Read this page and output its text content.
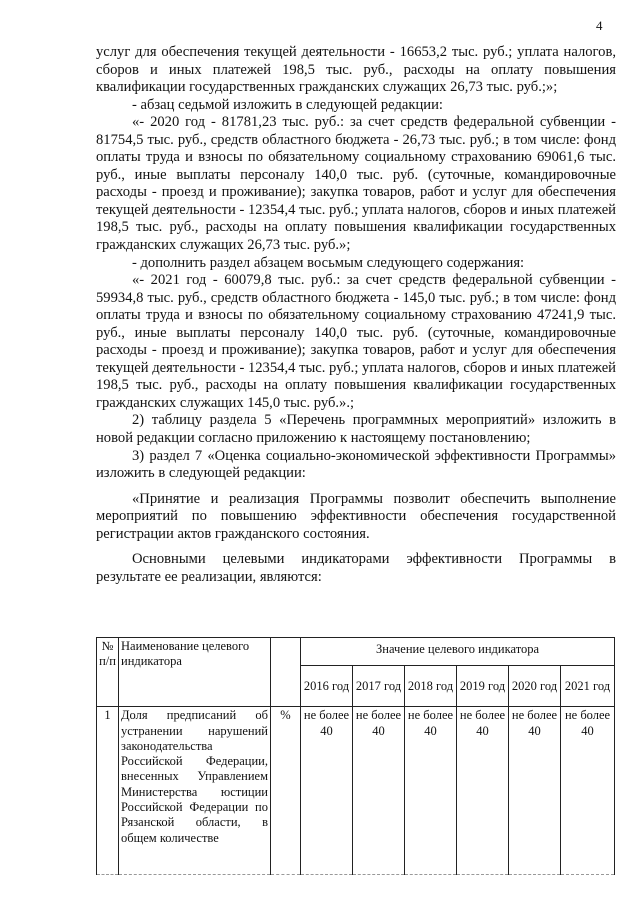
4

услуг для обеспечения текущей деятельности - 16653,2 тыс. руб.; уплата налогов, сборов и иных платежей 198,5 тыс. руб., расходы на оплату повышения квалификации государственных гражданских служащих 26,73 тыс. руб.;»;

- абзац седьмой изложить в следующей редакции:

«- 2020 год - 81781,23 тыс. руб.: за счет средств федеральной субвенции - 81754,5 тыс. руб., средств областного бюджета - 26,73 тыс. руб.; в том числе: фонд оплаты труда и взносы по обязательному социальному страхованию 69061,6 тыс. руб., иные выплаты персоналу 140,0 тыс. руб. (суточные, командировочные расходы - проезд и проживание); закупка товаров, работ и услуг для обеспечения текущей деятельности - 12354,4 тыс. руб.; уплата налогов, сборов и иных платежей 198,5 тыс. руб., расходы на оплату повышения квалификации государственных гражданских служащих 26,73 тыс. руб.»;

- дополнить раздел абзацем восьмым следующего содержания:

«- 2021 год - 60079,8 тыс. руб.: за счет средств федеральной субвенции - 59934,8 тыс. руб., средств областного бюджета - 145,0 тыс. руб.; в том числе: фонд оплаты труда и взносы по обязательному социальному страхованию 47241,9 тыс. руб., иные выплаты персоналу 140,0 тыс. руб. (суточные, командировочные расходы - проезд и проживание); закупка товаров, работ и услуг для обеспечения текущей деятельности - 12354,4 тыс. руб.; уплата налогов, сборов и иных платежей 198,5 тыс. руб., расходы на оплату повышения квалификации государственных гражданских служащих 145,0 тыс. руб.».;

2) таблицу раздела 5 «Перечень программных мероприятий» изложить в новой редакции согласно приложению к настоящему постановлению;

3) раздел 7 «Оценка социально-экономической эффективности Программы» изложить в следующей редакции:

«Принятие и реализация Программы позволит обеспечить выполнение мероприятий по повышению эффективности обеспечения государственной регистрации актов гражданского состояния.

Основными целевыми индикаторами эффективности Программы в результате ее реализации, являются:

№ п/п	Наименование целевого индикатора		Значение целевого индикатора					
			2016 год	2017 год	2018 год	2019 год	2020 год	2021 год
1	Доля предписаний об устранении нарушений законодательства Российской Федерации, внесенных Управлением Министерства юстиции Российской Федерации по Рязанской области, в общем количестве	%	не более 40	не более 40	не более 40	не более 40	не более 40	не более 40
